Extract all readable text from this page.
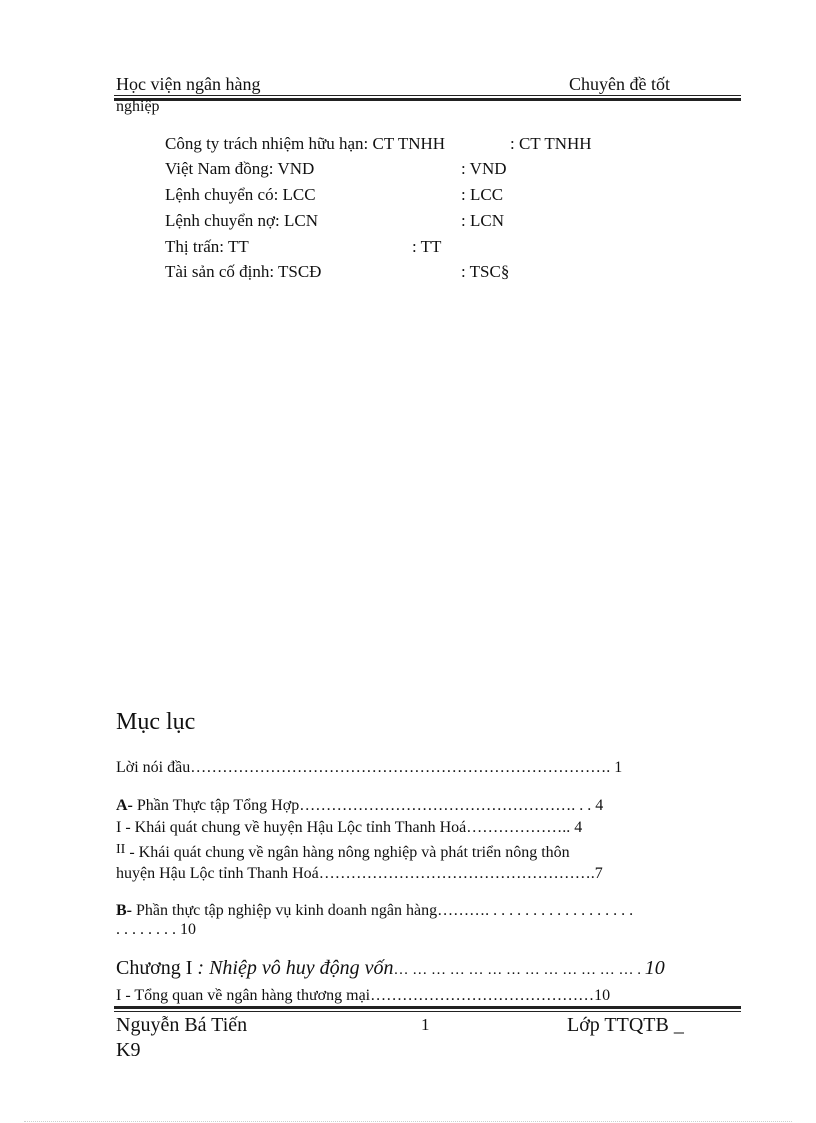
Học viện ngân hàng	Chuyên đề tốt
nghiệp
Công ty trách nhiệm hữu hạn: CT TNHH	: CT TNHH
Việt Nam đồng: VND	: VND
Lệnh chuyển có: LCC	: LCC
Lệnh chuyển nợ: LCN	: LCN
Thị trấn: TT	: TT
Tài sản cố định: TSCĐ	: TSC§
Mục lục
Lời nói đầu……………………………………………………………………. 1
A- Phần Thực tập Tổng Hợp……………………………………………. . . 4
I - Khái quát chung về huyện Hậu Lộc tỉnh Thanh Hoá……………….. 4
II - Khái quát chung về ngân hàng nông nghiệp và phát triển nông thôn
huyện Hậu Lộc tỉnh Thanh Hoá…………………………………………….7
B- Phần thực tập nghiệp vụ kinh doanh ngân hàng………. . . . . . . . . . . . . . . . . . .
. . . . . . . . 10
Chương I : Nhiệp vô huy động vốn… … … … … … … … … … … … … . 10
I - Tổng quan về ngân hàng thương mại……………………………………10
Nguyễn Bá Tiến	1	Lớp TTQTB _
K9
